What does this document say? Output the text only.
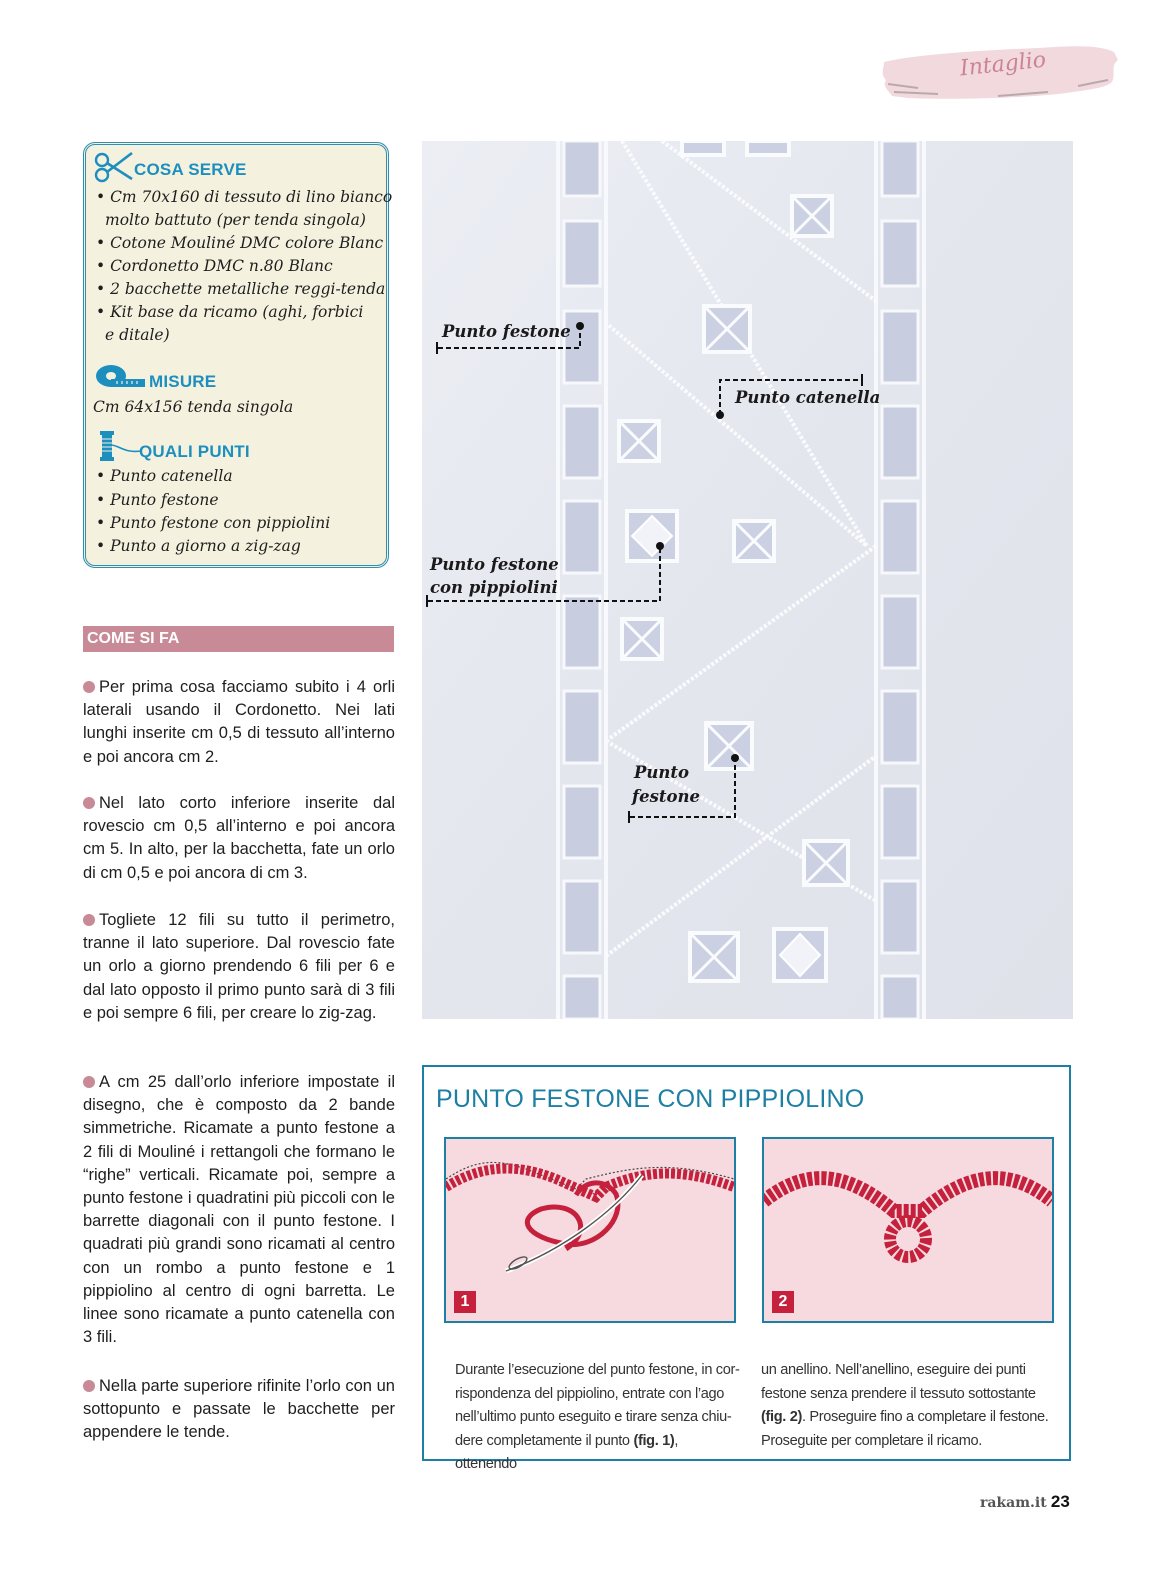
Intaglio
COSA SERVE
• Cm 70x160 di tessuto di lino bianco
molto battuto (per tenda singola)
• Cotone Mouliné DMC colore Blanc
• Cordonetto DMC n.80 Blanc
• 2 bacchette metalliche reggi-tenda
• Kit base da ricamo (aghi, forbici
e ditale)
MISURE
Cm 64x156 tenda singola
QUALI PUNTI
• Punto catenella
• Punto festone
• Punto festone con pippiolini
• Punto a giorno a zig-zag
COME SI FA

Per prima cosa facciamo subito i 4 orli laterali usando il Cordonetto. Nei lati lunghi inserite cm 0,5 di tessuto all’interno e poi ancora cm 2.

Nel lato corto inferiore inserite dal rovescio cm 0,5 all’interno e poi ancora cm 5. In alto, per la bacchetta, fate un orlo di cm 0,5 e poi ancora di cm 3.

Togliete 12 fili su tutto il perimetro, tranne il lato superiore. Dal rovescio fate un orlo a giorno prendendo 6 fili per 6 e dal lato opposto il primo punto sarà di 3 fili e poi sempre 6 fili, per creare lo zig-zag.

A cm 25 dall’orlo inferiore impostate il disegno, che è composto da 2 bande simmetriche. Ricamate a punto festone a 2 fili di Mouliné i rettangoli che formano le “righe” verticali. Ricamate poi, sempre a punto festone i quadratini più piccoli con le barrette diagonali con il punto festone. I quadrati più grandi sono ricamati al centro con un rombo a punto festone e 1 pippiolino al centro di ogni barretta. Le linee sono ricamate a punto catenella con 3 fili.

Nella parte superiore rifinite l’orlo con un sottopunto e passate le bacchette per appendere le tende.

Punto festone
Punto catenella
Punto festone
con pippiolini
Punto
festone
PUNTO FESTONE CON PIPPIOLINO
1	2
Durante l’esecuzione del punto festone, in cor-
rispondenza del pippiolino, entrate con l’ago
nell’ultimo punto eseguito e tirare senza chiu-
dere completamente il punto (fig. 1), ottenendo
un anellino. Nell’anellino, eseguire dei punti
festone senza prendere il tessuto sottostante
(fig. 2). Proseguire fino a completare il festone.
Proseguite per completare il ricamo.
rakam.it 23
